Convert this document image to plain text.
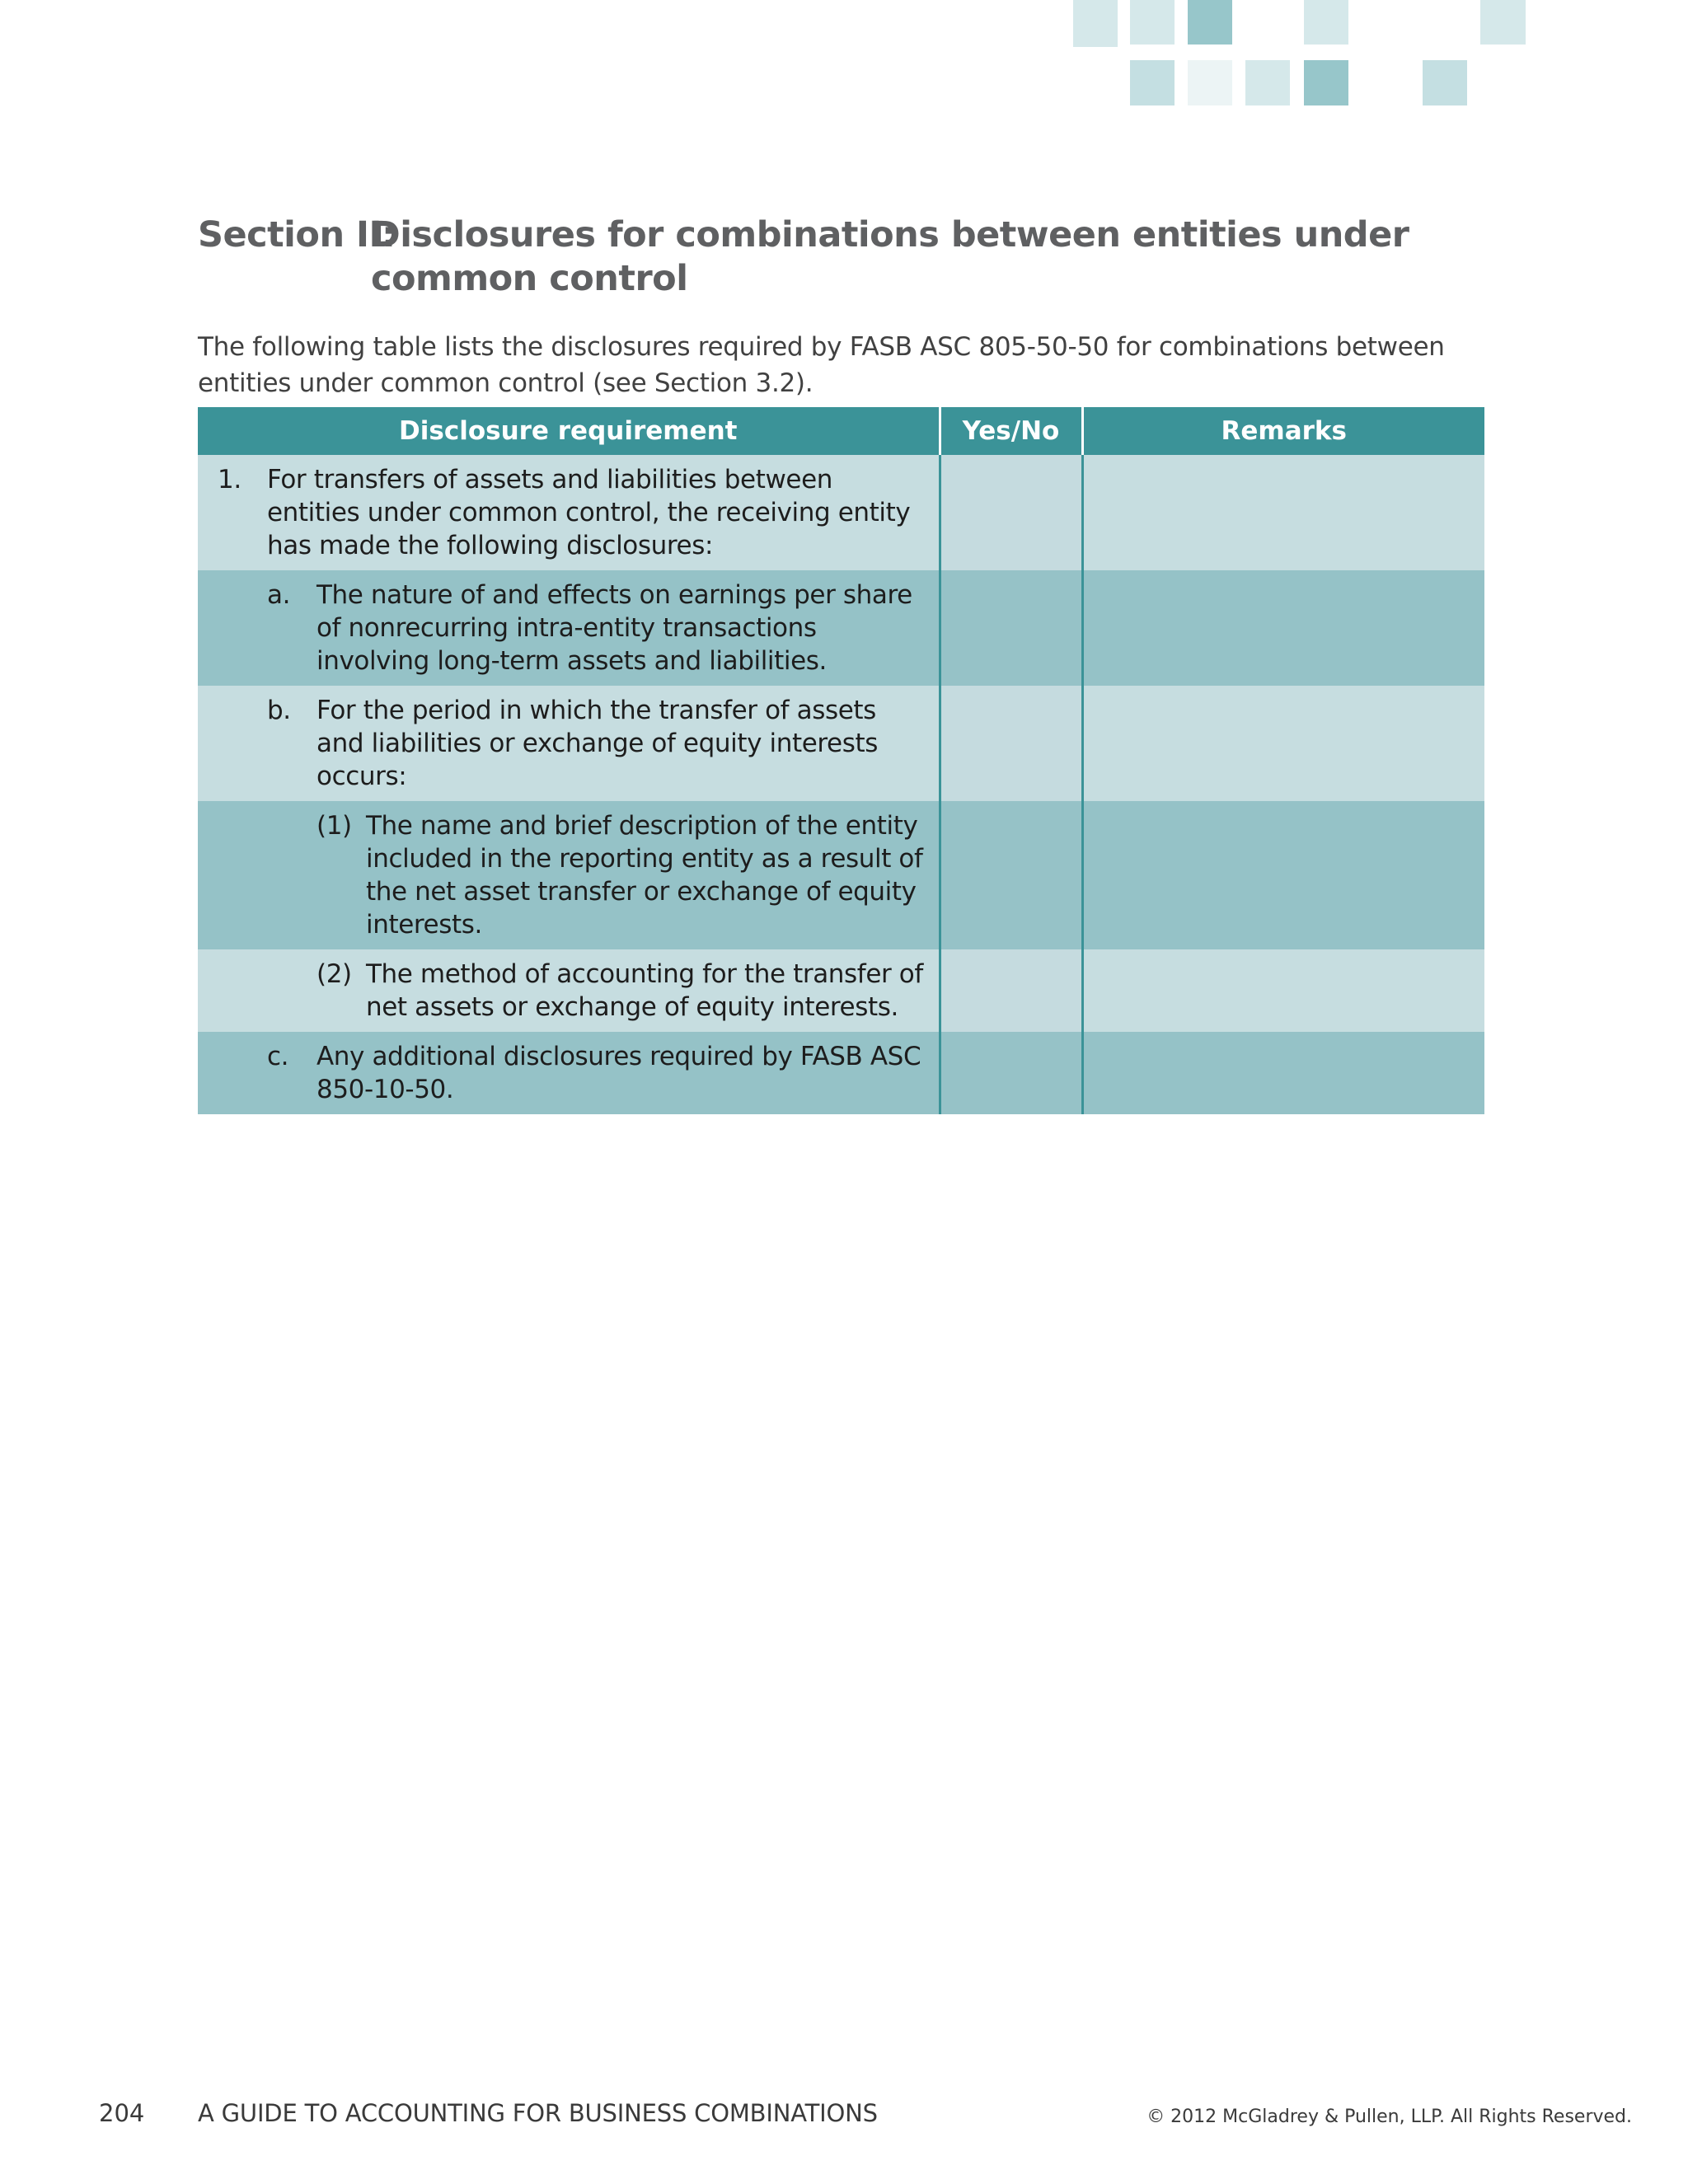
Section II:
Disclosures for combinations between entities under common control

The following table lists the disclosures required by FASB ASC 805-50-50 for combinations between entities under common control (see Section 3.2).

Disclosure requirement	Yes/No	Remarks

1. For transfers of assets and liabilities between entities under common control, the receiving entity has made the following disclosures:		

a. The nature of and effects on earnings per share of nonrecurring intra-entity transactions involving long-term assets and liabilities.		

b. For the period in which the transfer of assets and liabilities or exchange of equity interests occurs:		

(1) The name and brief description of the entity included in the reporting entity as a result of the net asset transfer or exchange of equity interests.		

(2) The method of accounting for the transfer of net assets or exchange of equity interests.		

c. Any additional disclosures required by FASB ASC 850-10-50.		

204 A GUIDE TO ACCOUNTING FOR BUSINESS COMBINATIONS	© 2012 McGladrey & Pullen, LLP. All Rights Reserved.
